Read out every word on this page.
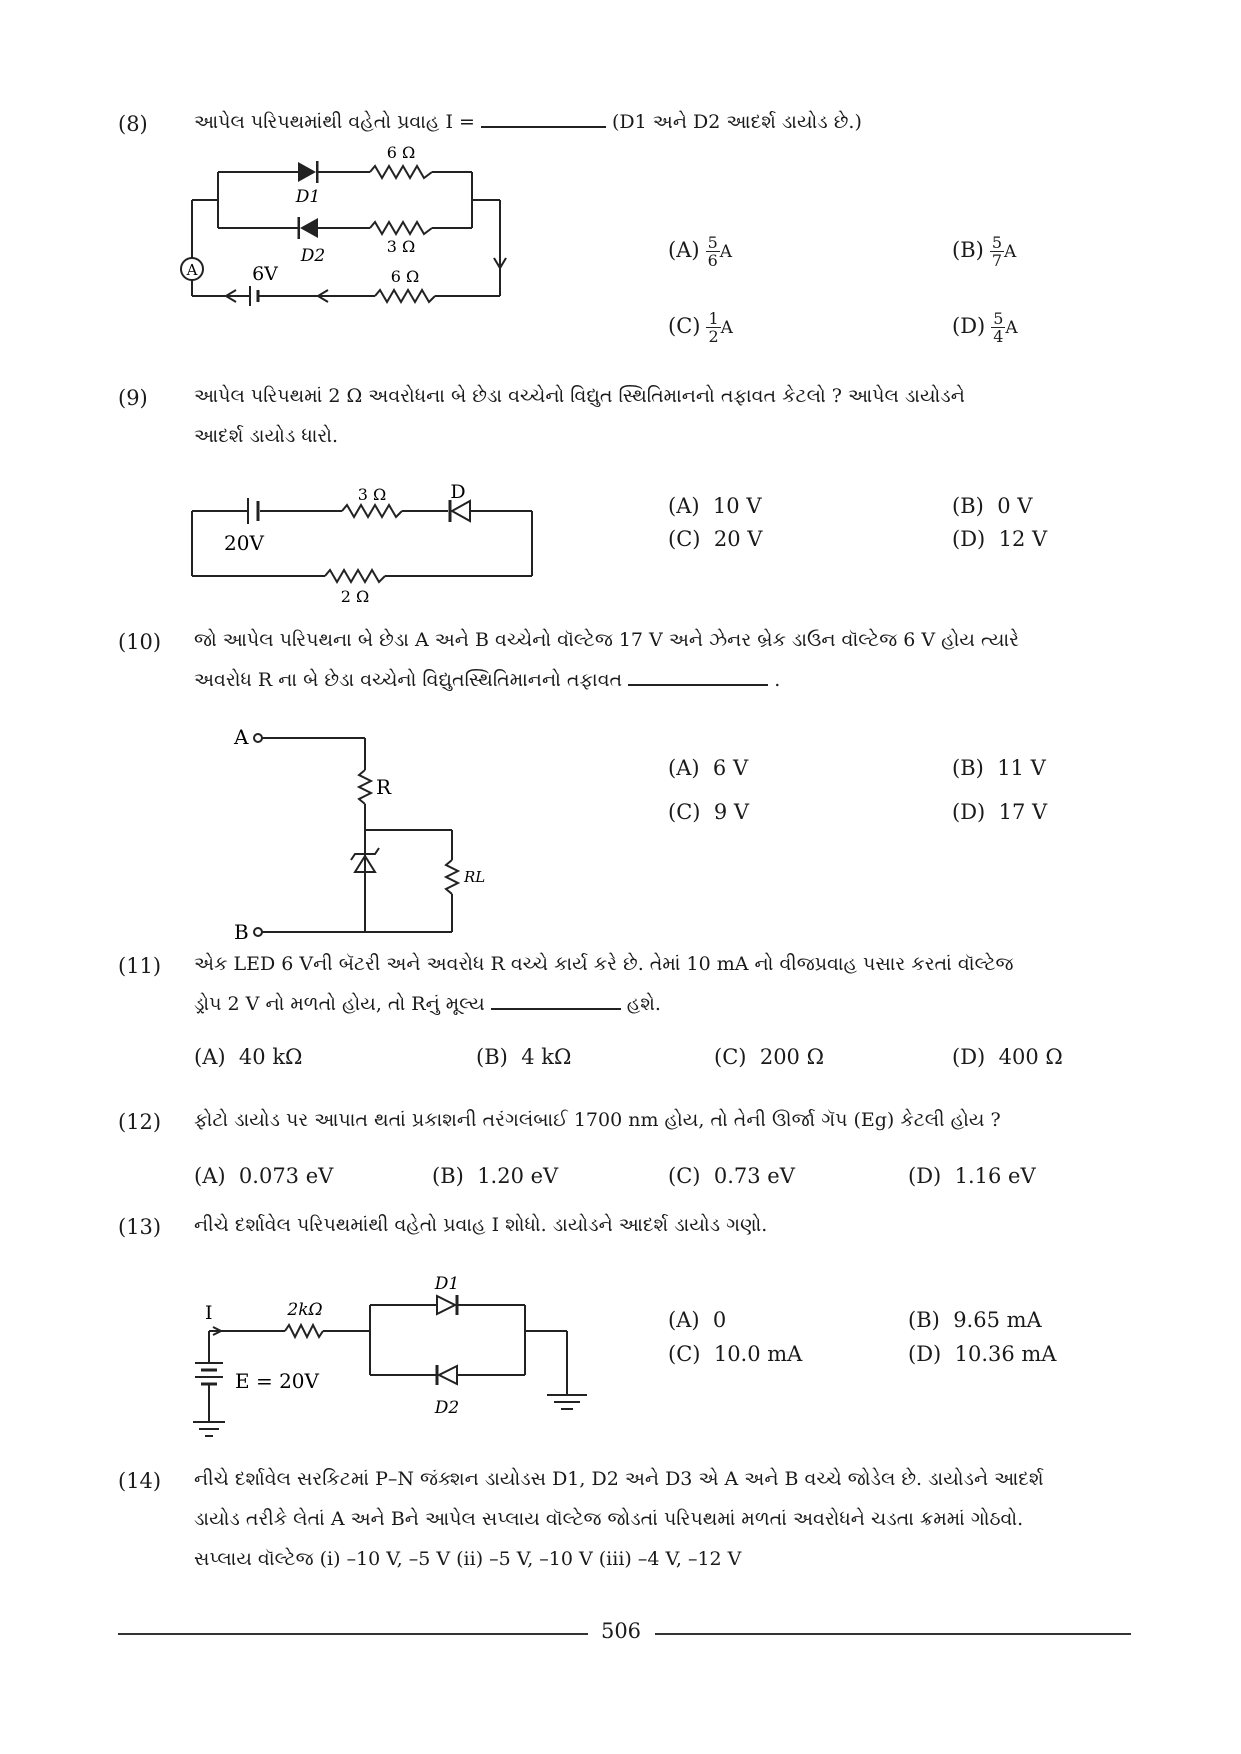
(8) આપેલ પરિપથમાંથી વહેતો પ્રવાહ I =	(D1 અને D2 આદર્શ ડાયોડ છે.)
A
6 Ω
3 Ω
6 Ω
6V
D1
D2	$(A) \frac{5}{6}$ A	$(B) \frac{5}{7}$ A
$(C) \frac{1}{2}$ A	$(D) \frac{5}{4}$ A
(9) આપેલ પરિપથમાં 2 Ω અવરોધના બે છેડા વચ્ચેનો વિદ્યુત સ્થિતિમાનનો તફાવત કેટલો ? આપેલ ડાયોડને
આદર્શ ડાયોડ ધારો.
3 Ω	D
20V
2 Ω
(A) 10 V	(B) 0 V
(C) 20 V	(D) 12 V
(10) જો આપેલ પરિપથના બે છેડા A અને B વચ્ચેનો વૉલ્ટેજ 17 V અને ઝેનર બ્રેક ડાઉન વૉલ્ટેજ 6 V હોય ત્યારે
અવરોધ R ના બે છેડા વચ્ચેનો વિદ્યુતસ્થિતિમાનનો તફાવત	.
A
B
R
RL
(A) 6 V	(B) 11 V
(C) 9 V	(D) 17 V
(11) એક LED 6 Vની બૅટરી અને અવરોધ R વચ્ચે કાર્ય કરે છે. તેમાં 10 mA નો વીજપ્રવાહ પસાર કરતાં વૉલ્ટેજ
ડ્રોપ 2 V નો મળતો હોય, તો Rનું મૂલ્ય	હશે.
(A) 40 kΩ	(B) 4 kΩ	(C) 200 Ω	(D) 400 Ω
(12) ફોટો ડાયોડ પર આપાત થતાં પ્રકાશની તરંગલંબાઈ 1700 nm હોય, તો તેની ઊર્જા ગૅપ (Eg) કેટલી હોય ?
(A) 0.073 eV	(B) 1.20 eV	(C) 0.73 eV	(D) 1.16 eV
(13) નીચે દર્શાવેલ પરિપથમાંથી વહેતો પ્રવાહ I શોધો. ડાયોડને આદર્શ ડાયોડ ગણો.
I	2kΩ
E = 20V
D1
D2
(A) 0	(B) 9.65 mA
(C) 10.0 mA	(D) 10.36 mA
(14) નીચે દર્શાવેલ સરકિટમાં P–N જંક્શન ડાયોડસ D1, D2 અને D3 એ A અને B વચ્ચે જોડેલ છે. ડાયોડને આદર્શ
ડાયોડ તરીકે લેતાં A અને Bને આપેલ સપ્લાય વૉલ્ટેજ જોડતાં પરિપથમાં મળતાં અવરોધને ચડતા ક્રમમાં ગોઠવો.
સપ્લાય વૉલ્ટેજ (i) –10 V, –5 V (ii) –5 V, –10 V (iii) –4 V, –12 V
506
